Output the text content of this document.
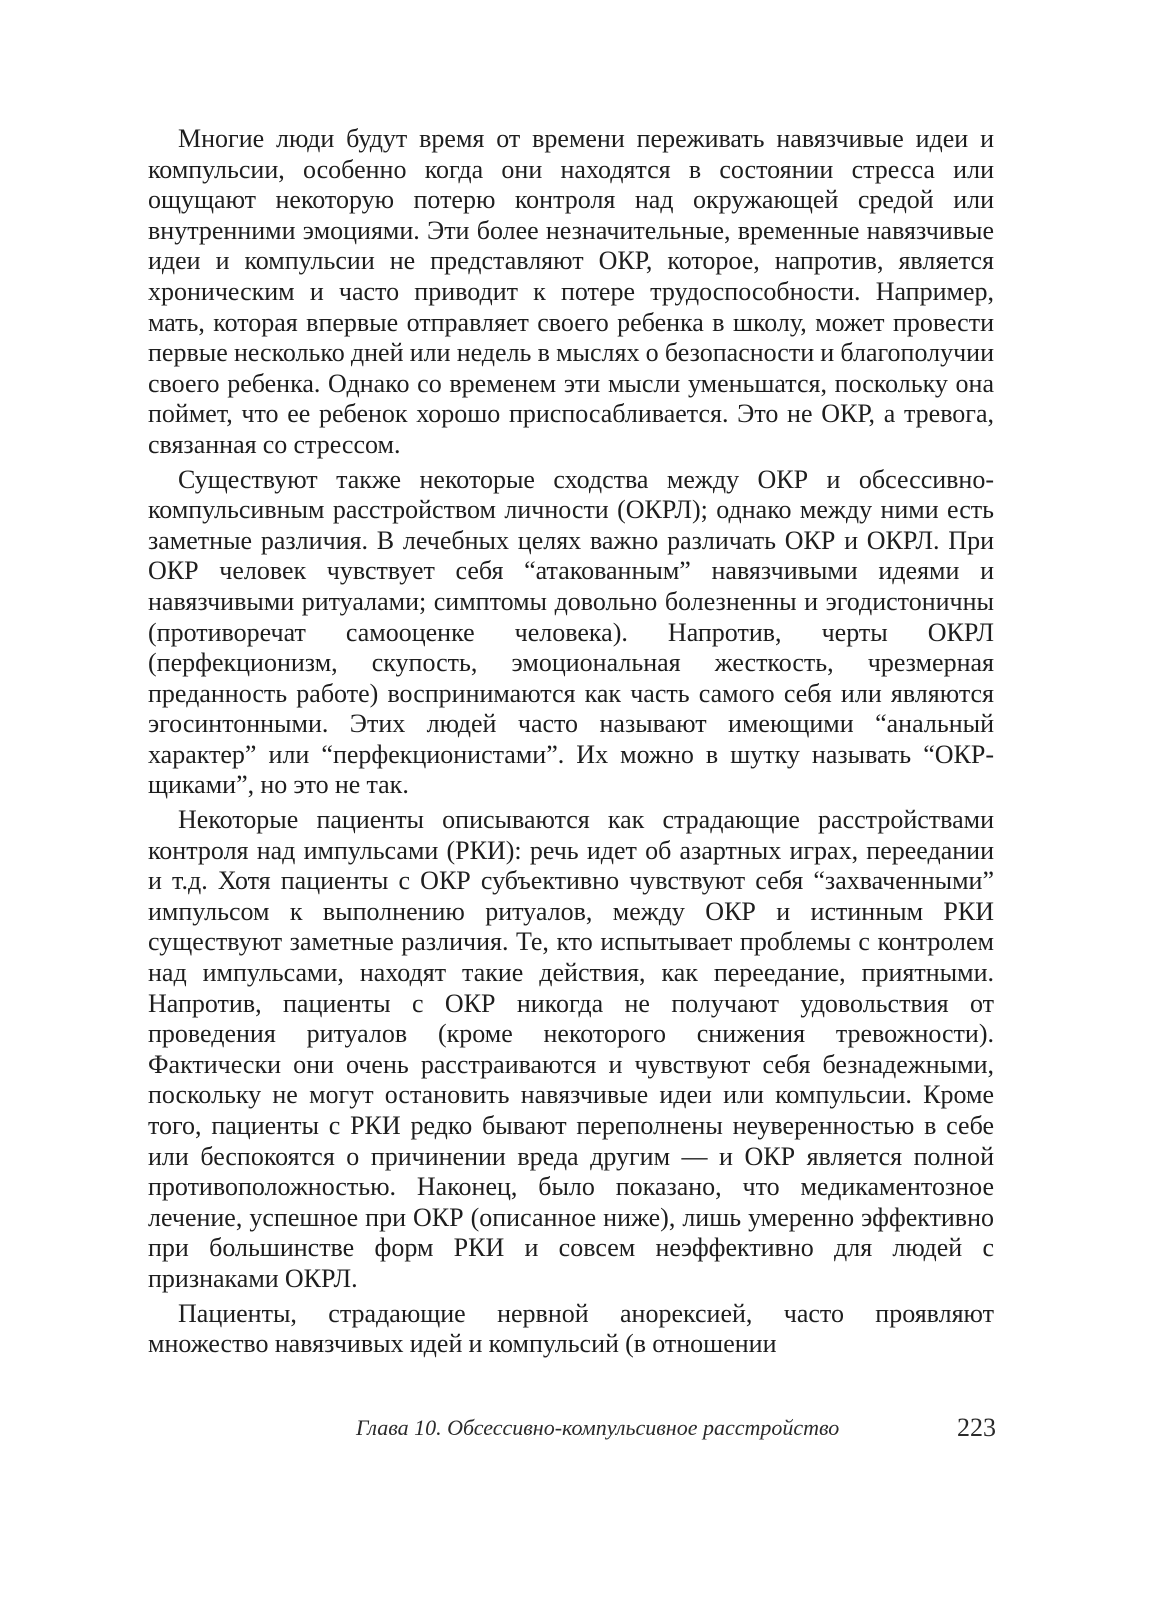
Многие люди будут время от времени переживать навязчивые идеи и компульсии, особенно когда они находятся в состоянии стресса или ощущают некоторую потерю контроля над окружающей средой или внутренними эмоциями. Эти более незначительные, временные навязчивые идеи и компульсии не представляют ОКР, которое, напротив, является хроническим и часто приводит к потере трудоспособности. Например, мать, которая впервые отправляет своего ребенка в школу, может провести первые несколько дней или недель в мыслях о безопасности и благополучии своего ребенка. Однако со временем эти мысли уменьшатся, поскольку она поймет, что ее ребенок хорошо приспосабливается. Это не ОКР, а тревога, связанная со стрессом.

Существуют также некоторые сходства между ОКР и обсессивно-компульсивным расстройством личности (ОКРЛ); однако между ними есть заметные различия. В лечебных целях важно различать ОКР и ОКРЛ. При ОКР человек чувствует себя “атакованным” навязчивыми идеями и навязчивыми ритуалами; симптомы довольно болезненны и эгодистоничны (противоречат самооценке человека). Напротив, черты ОКРЛ (перфекционизм, скупость, эмоциональная жесткость, чрезмерная преданность работе) воспринимаются как часть самого себя или являются эгосинтонными. Этих людей часто называют имеющими “анальный характер” или “перфекционистами”. Их можно в шутку называть “ОКР-щиками”, но это не так.

Некоторые пациенты описываются как страдающие расстройствами контроля над импульсами (РКИ): речь идет об азартных играх, переедании и т.д. Хотя пациенты с ОКР субъективно чувствуют себя “захваченными” импульсом к выполнению ритуалов, между ОКР и истинным РКИ существуют заметные различия. Те, кто испытывает проблемы с контролем над импульсами, находят такие действия, как переедание, приятными. Напротив, пациенты с ОКР никогда не получают удовольствия от проведения ритуалов (кроме некоторого снижения тревожности). Фактически они очень расстраиваются и чувствуют себя безнадежными, поскольку не могут остановить навязчивые идеи или компульсии. Кроме того, пациенты с РКИ редко бывают переполнены неуверенностью в себе или беспокоятся о причинении вреда другим — и ОКР является полной противоположностью. Наконец, было показано, что медикаментозное лечение, успешное при ОКР (описанное ниже), лишь умеренно эффективно при большинстве форм РКИ и совсем неэффективно для людей с признаками ОКРЛ.

Пациенты, страдающие нервной анорексией, часто проявляют множество навязчивых идей и компульсий (в отношении

Глава 10. Обсессивно-компульсивное расстройство	223
